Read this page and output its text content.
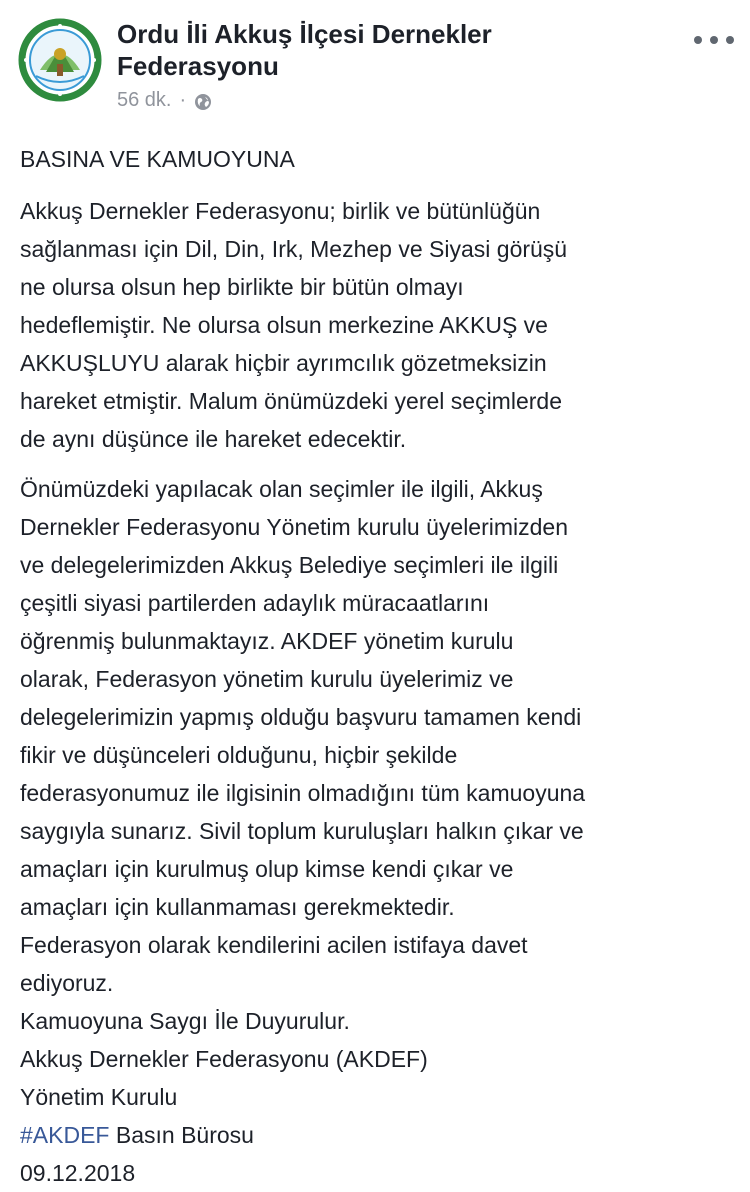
Ordu İli Akkuş İlçesi Dernekler
Federasyonu
56 dk. ·

BASINA VE KAMUOYUNA

Akkuş Dernekler Federasyonu; birlik ve bütünlüğün
sağlanması için Dil, Din, Irk, Mezhep ve Siyasi görüşü
ne olursa olsun hep birlikte bir bütün olmayı
hedeflemiştir. Ne olursa olsun merkezine AKKUŞ ve
AKKUŞLUYU alarak hiçbir ayrımcılık gözetmeksizin
hareket etmiştir. Malum önümüzdeki yerel seçimlerde
de aynı düşünce ile hareket edecektir.

Önümüzdeki yapılacak olan seçimler ile ilgili, Akkuş
Dernekler Federasyonu Yönetim kurulu üyelerimizden
ve delegelerimizden Akkuş Belediye seçimleri ile ilgili
çeşitli siyasi partilerden adaylık müracaatlarını
öğrenmiş bulunmaktayız. AKDEF yönetim kurulu
olarak, Federasyon yönetim kurulu üyelerimiz ve
delegelerimizin yapmış olduğu başvuru tamamen kendi
fikir ve düşünceleri olduğunu, hiçbir şekilde
federasyonumuz ile ilgisinin olmadığını tüm kamuoyuna
saygıyla sunarız. Sivil toplum kuruluşları halkın çıkar ve
amaçları için kurulmuş olup kimse kendi çıkar ve
amaçları için kullanmaması gerekmektedir.
Federasyon olarak kendilerini acilen istifaya davet
ediyoruz.
Kamuoyuna Saygı İle Duyurulur.
Akkuş Dernekler Federasyonu (AKDEF)
Yönetim Kurulu
#AKDEF Basın Bürosu
09.12.2018
